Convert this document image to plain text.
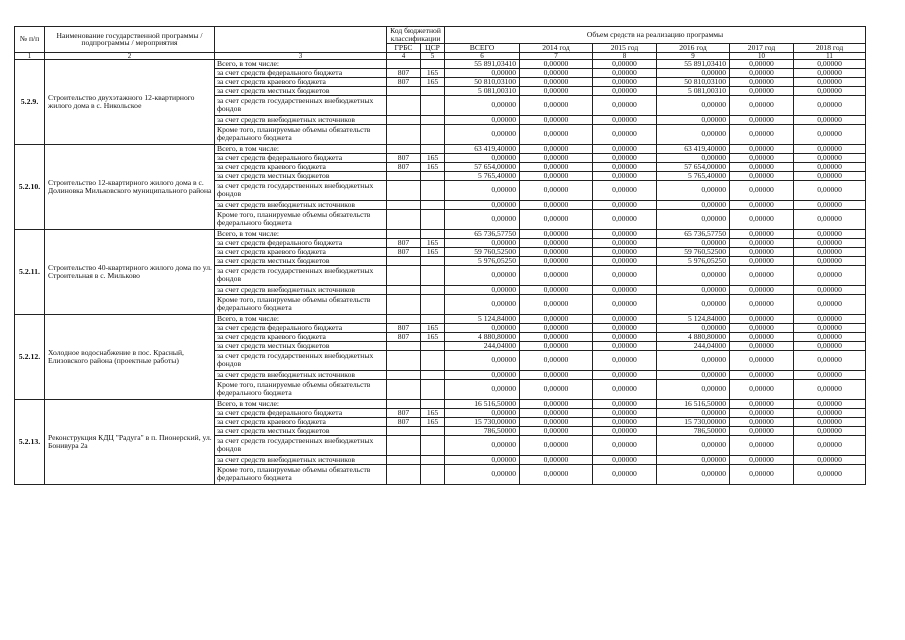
№ п/п	Наименование государственной программы / подпрограммы / мероприятия		Код бюджетной классификации		Объем средств на реализацию программы					
			ГРБС	ЦСР	ВСЕГО	2014 год	2015 год	2016 год	2017 год	2018 год
1	2	3	4	5	6	7	8	9	10	11
5.2.9.	Строительство двухэтажного 12-квартирного жилого дома в с. Никольское	Всего, в том числе:			55 891,03410	0,00000	0,00000	55 891,03410	0,00000	0,00000
		за счет средств федерального бюджета	807	165	0,00000	0,00000	0,00000	0,00000	0,00000	0,00000
		за счет средств краевого бюджета	807	165	50 810,03100	0,00000	0,00000	50 810,03100	0,00000	0,00000
		за счет средств местных бюджетов			5 081,00310	0,00000	0,00000	5 081,00310	0,00000	0,00000
		за счет средств государственных внебюджетных фондов			0,00000	0,00000	0,00000	0,00000	0,00000	0,00000
		за счет средств внебюджетных источников			0,00000	0,00000	0,00000	0,00000	0,00000	0,00000
		Кроме того, планируемые объемы обязательств федерального бюджета			0,00000	0,00000	0,00000	0,00000	0,00000	0,00000
5.2.10.	Строительство 12-квартирного жилого дома в с. Долиновка Мильковского муниципального района	Всего, в том числе:			63 419,40000	0,00000	0,00000	63 419,40000	0,00000	0,00000
		за счет средств федерального бюджета	807	165	0,00000	0,00000	0,00000	0,00000	0,00000	0,00000
		за счет средств краевого бюджета	807	165	57 654,00000	0,00000	0,00000	57 654,00000	0,00000	0,00000
		за счет средств местных бюджетов			5 765,40000	0,00000	0,00000	5 765,40000	0,00000	0,00000
		за счет средств государственных внебюджетных фондов			0,00000	0,00000	0,00000	0,00000	0,00000	0,00000
		за счет средств внебюджетных источников			0,00000	0,00000	0,00000	0,00000	0,00000	0,00000
		Кроме того, планируемые объемы обязательств федерального бюджета			0,00000	0,00000	0,00000	0,00000	0,00000	0,00000
5.2.11.	Строительство 40-квартирного жилого дома по ул. Строительная в с. Мильково	Всего, в том числе:			65 736,57750	0,00000	0,00000	65 736,57750	0,00000	0,00000
		за счет средств федерального бюджета	807	165	0,00000	0,00000	0,00000	0,00000	0,00000	0,00000
		за счет средств краевого бюджета	807	165	59 760,52500	0,00000	0,00000	59 760,52500	0,00000	0,00000
		за счет средств местных бюджетов			5 976,05250	0,00000	0,00000	5 976,05250	0,00000	0,00000
		за счет средств государственных внебюджетных фондов			0,00000	0,00000	0,00000	0,00000	0,00000	0,00000
		за счет средств внебюджетных источников			0,00000	0,00000	0,00000	0,00000	0,00000	0,00000
		Кроме того, планируемые объемы обязательств федерального бюджета			0,00000	0,00000	0,00000	0,00000	0,00000	0,00000
5.2.12.	Холодное водоснабжение в пос. Красный, Елизовского района (проектные работы)	Всего, в том числе:			5 124,84000	0,00000	0,00000	5 124,84000	0,00000	0,00000
		за счет средств федерального бюджета	807	165	0,00000	0,00000	0,00000	0,00000	0,00000	0,00000
		за счет средств краевого бюджета	807	165	4 880,80000	0,00000	0,00000	4 880,80000	0,00000	0,00000
		за счет средств местных бюджетов			244,04000	0,00000	0,00000	244,04000	0,00000	0,00000
		за счет средств государственных внебюджетных фондов			0,00000	0,00000	0,00000	0,00000	0,00000	0,00000
		за счет средств внебюджетных источников			0,00000	0,00000	0,00000	0,00000	0,00000	0,00000
		Кроме того, планируемые объемы обязательств федерального бюджета			0,00000	0,00000	0,00000	0,00000	0,00000	0,00000
5.2.13.	Реконструкция КДЦ "Радуга" в п. Пионерский, ул. Бонивура 2а	Всего, в том числе:			16 516,50000	0,00000	0,00000	16 516,50000	0,00000	0,00000
		за счет средств федерального бюджета	807	165	0,00000	0,00000	0,00000	0,00000	0,00000	0,00000
		за счет средств краевого бюджета	807	165	15 730,00000	0,00000	0,00000	15 730,00000	0,00000	0,00000
		за счет средств местных бюджетов			786,50000	0,00000	0,00000	786,50000	0,00000	0,00000
		за счет средств государственных внебюджетных фондов			0,00000	0,00000	0,00000	0,00000	0,00000	0,00000
		за счет средств внебюджетных источников			0,00000	0,00000	0,00000	0,00000	0,00000	0,00000
		Кроме того, планируемые объемы обязательств федерального бюджета			0,00000	0,00000	0,00000	0,00000	0,00000	0,00000
